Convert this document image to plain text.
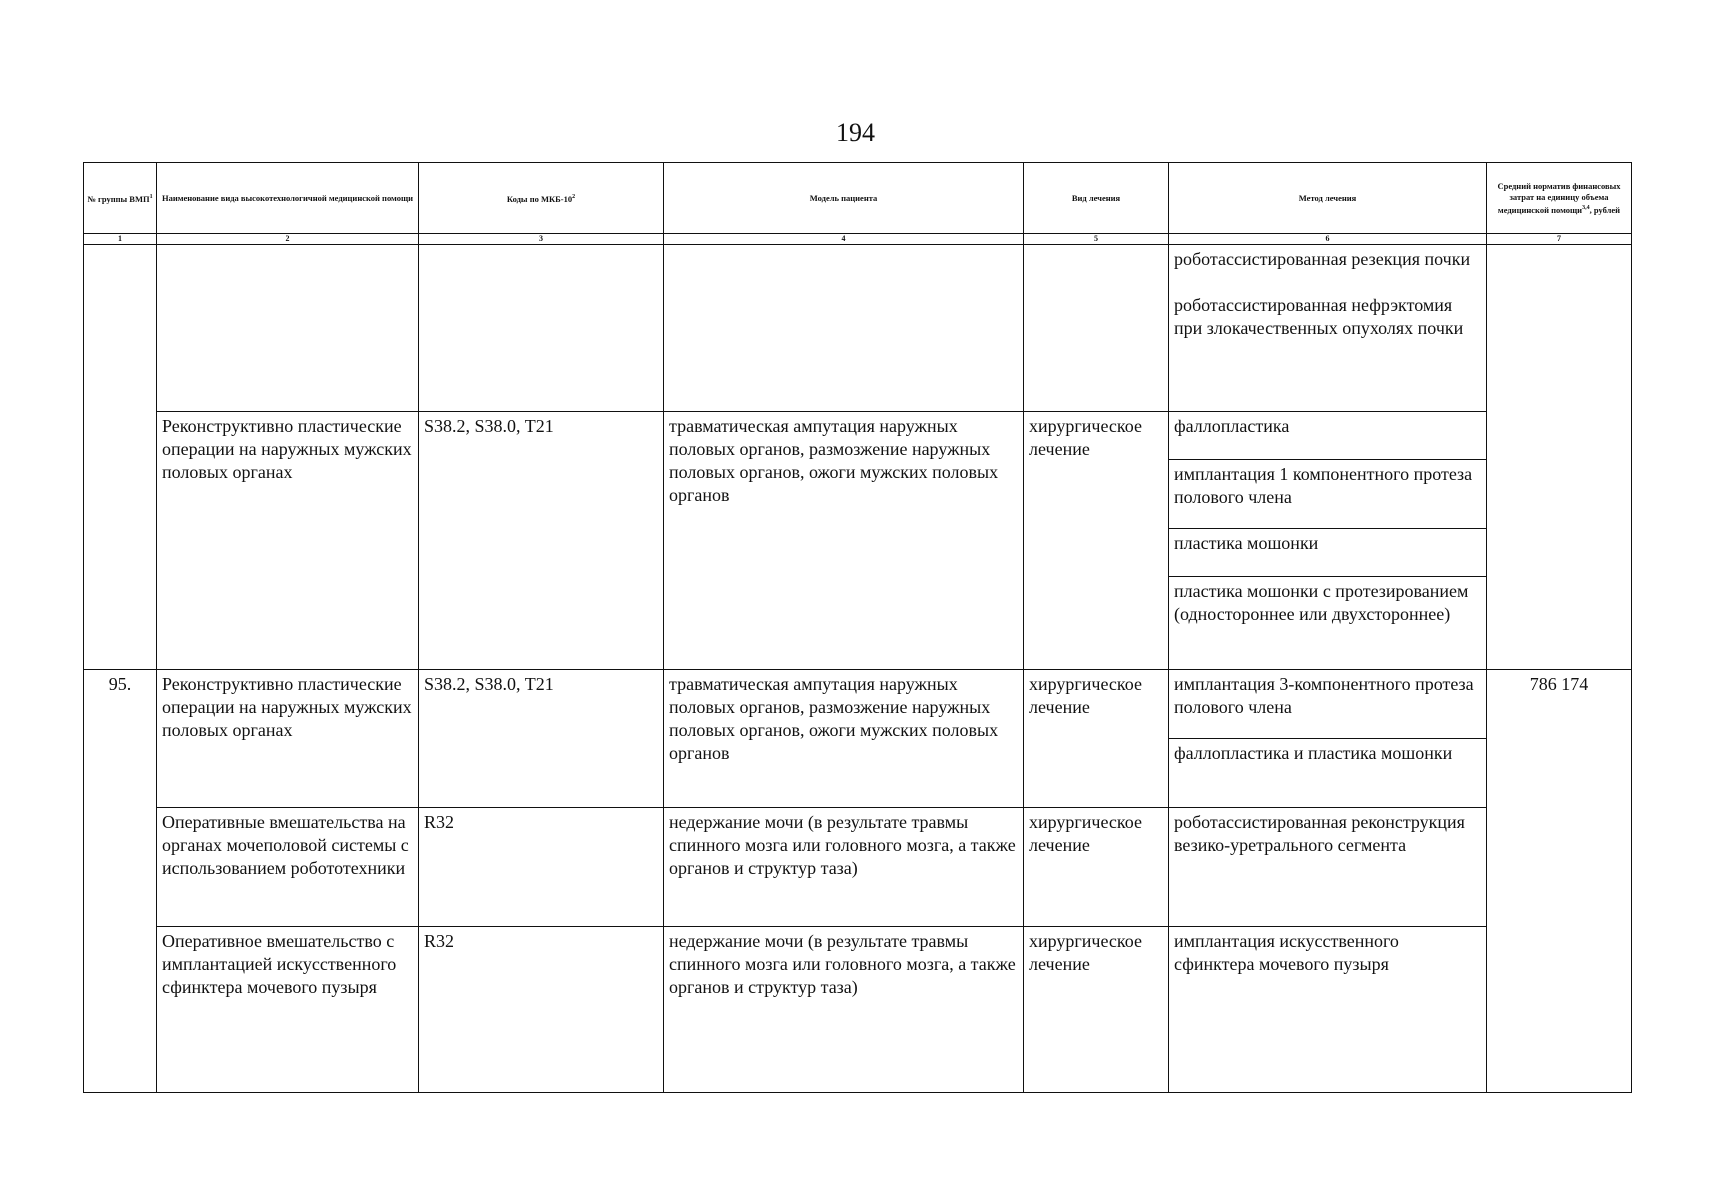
194
№ группы ВМП$^1$	Наименование вида высокотехнологичной медицинской помощи	Коды по МКБ-$10^2$	Модель пациента	Вид лечения	Метод лечения	Средний норматив финансовых затрат на единицу объема медицинской помощи$^{3,4}$, рублей
1	2	3	4	5	6	7
					роботассистированная резекция почки
роботассистированная нефрэктомия при злокачественных опухолях почки	
	Реконструктивно пластические операции на наружных мужских половых органах	S38.2, S38.0, T21	травматическая ампутация наружных половых органов, размозжение наружных половых органов, ожоги мужских половых органов	хирургическое лечение	фаллопластика	
					имплантация 1 компонентного протеза полового члена	
					пластика мошонки	
					пластика мошонки с протезированием (одностороннее или двухстороннее)	
95.	Реконструктивно пластические операции на наружных мужских половых органах	S38.2, S38.0, T21	травматическая ампутация наружных половых органов, размозжение наружных половых органов, ожоги мужских половых органов	хирургическое лечение	имплантация 3-компонентного протеза полового члена	786 174
					фаллопластика и пластика мошонки	
	Оперативные вмешательства на органах мочеполовой системы с использованием робототехники	R32	недержание мочи (в результате травмы спинного мозга или головного мозга, а также органов и структур таза)	хирургическое лечение	роботассистированная реконструкция везико-уретрального сегмента	
	Оперативное вмешательство с имплантацией искусственного сфинктера мочевого пузыря	R32	недержание мочи (в результате травмы спинного мозга или головного мозга, а также органов и структур таза)	хирургическое лечение	имплантация искусственного сфинктера мочевого пузыря	
